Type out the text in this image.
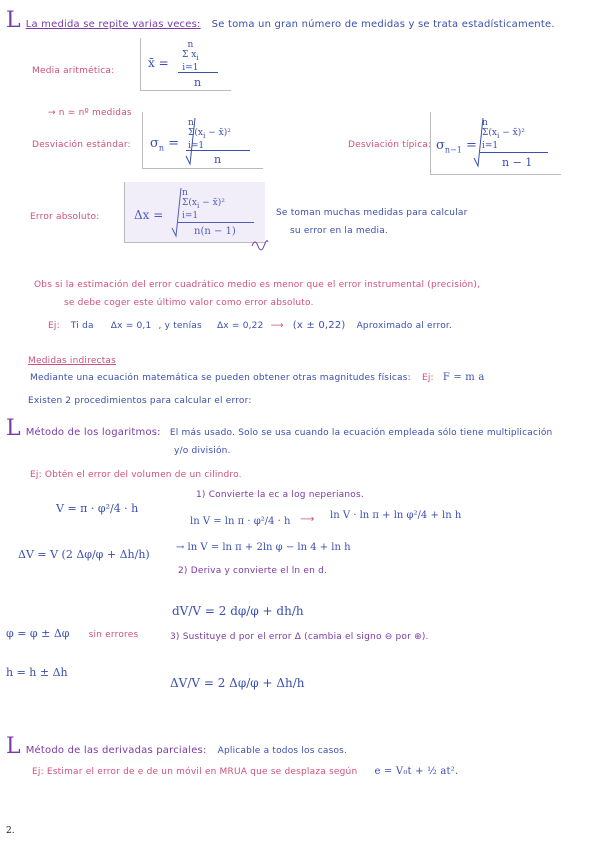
L La medida se repite varias veces: Se toma un gran número de medidas y se trata estadísticamente.
Media aritmética:
x̄ =
n
Σ $x_i$
i=1
n
→ n = nº medidas
Desviación estándar: $\sigma_n$ =
n
$\Sigma(x_i$ − x̄)²
i=1
n
Desviación típica: $\sigma_{n-1}$ =
n
$\Sigma(x_i$ − x̄)²
i=1
n − 1
Error absoluto:	Δx =
n
$\Sigma(x_i$ − x̄)²
i=1
n(n − 1)
Se toman muchas medidas para calcular
su error en la media.
Obs si la estimación del error cuadrático medio es menor que el error instrumental (precisión),
se debe coger este último valor como error absoluto.
Ej: Ti da Δx = 0,1 , y tenías Δx = 0,22 ⟶ (x ± 0,22) Aproximado al error.
Medidas indirectas
Mediante una ecuación matemática se pueden obtener otras magnitudes físicas: Ej: F = m a
Existen 2 procedimientos para calcular el error:
L Método de los logaritmos: El más usado. Solo se usa cuando la ecuación empleada sólo tiene multiplicación
y/o división.
Ej: Obtén el error del volumen de un cilindro.
V = π · φ²/4 · h
ΔV = V (2 Δφ/φ + Δh/h)
φ = φ ± Δφ sin errores
h = h ± Δh
1) Convierte la ec a log neperianos.
ln V = ln π · φ²/4 · h ⟶ ln V · ln π + ln φ²/4 + ln h
→ ln V = ln π + 2ln φ − ln 4 + ln h
2) Deriva y convierte el ln en d.
dV/V = 2 dφ/φ + dh/h
3) Sustituye d por el error Δ (cambia el signo ⊖ por ⊕).
ΔV/V = 2 Δφ/φ + Δh/h
L Método de las derivadas parciales: Aplicable a todos los casos.
Ej: Estimar el error de e de un móvil en MRUA que se desplaza según e = V₀t + ½ at².
2.
